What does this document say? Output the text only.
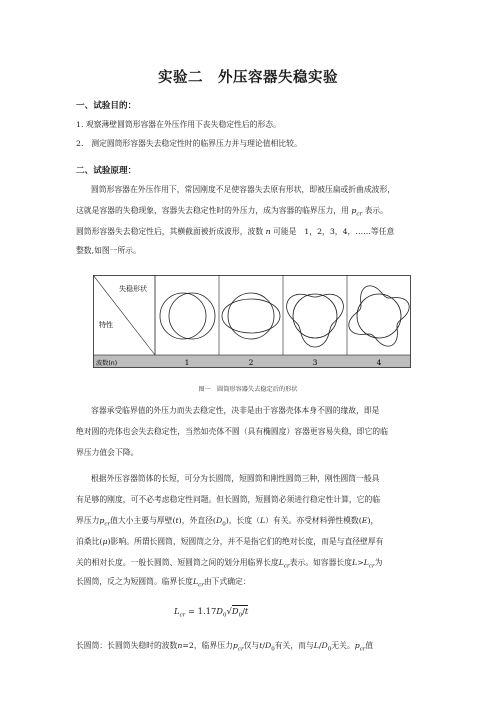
实验二　外压容器失稳实验
一、试验目的：
1. 观察薄壁圆筒形容器在外压作用下丧失稳定性后的形态。
2.　测定圆筒形容器失去稳定性时的临界压力并与理论值相比较。
二、试验原理：
圆筒形容器在外压作用下，常因刚度不足使容器失去原有形状，即被压扁或折曲成波形，
这就是容器的失稳现象，容器失去稳定性时的外压力，成为容器的临界压力，用 $p_{cr}$ 表示。
圆筒形容器失去稳定性后，其横截面被折成波形，波数 n 可能是　1，2，3，4，……等任意
整数,如图一所示。
失稳形状
特性
波数(n)	1	2	3	4
图一　圆筒形容器失去稳定后的形状
容器承受临界值的外压力而失去稳定性，决非是由于容器壳体本身不圆的缘故，即是
绝对圆的壳体也会失去稳定性，当然如壳体不圆（具有椭圆度）容器更容易失稳，即它的临
界压力值会下降。
根据外压容器筒体的长短，可分为长圆筒，短圆筒和刚性圆筒三种，刚性圆筒一般具
有足够的刚度，可不必考虑稳定性问题。但长圆筒，短圆筒必须进行稳定性计算，它的临
界压力$p_{cr}$值大小主要与厚壁(t)，外直径$(D_0)$，长度（L）有关。亦受材料弹性模数(E)，
泊桑比(μ)影响。所谓长圆筒，短圆筒之分，并不是指它们的绝对长度，而是与直径壁厚有
关的相对长度。一般长圆筒、短圆筒之间的划分用临界长度$L_{cr}$表示。如容器长度$L>L_{cr}$为
长圆筒，反之为短圆筒。临界长度$L_{cr}$由下式确定：
$L_{cr} = 1.17D_0√D_0/t$
长圆筒：长圆筒失稳时的波数n=2，临界压力$p_{cr}$仅与$t/D_0$有关，而与$L/D_0$无关。$p_{cr}$值
